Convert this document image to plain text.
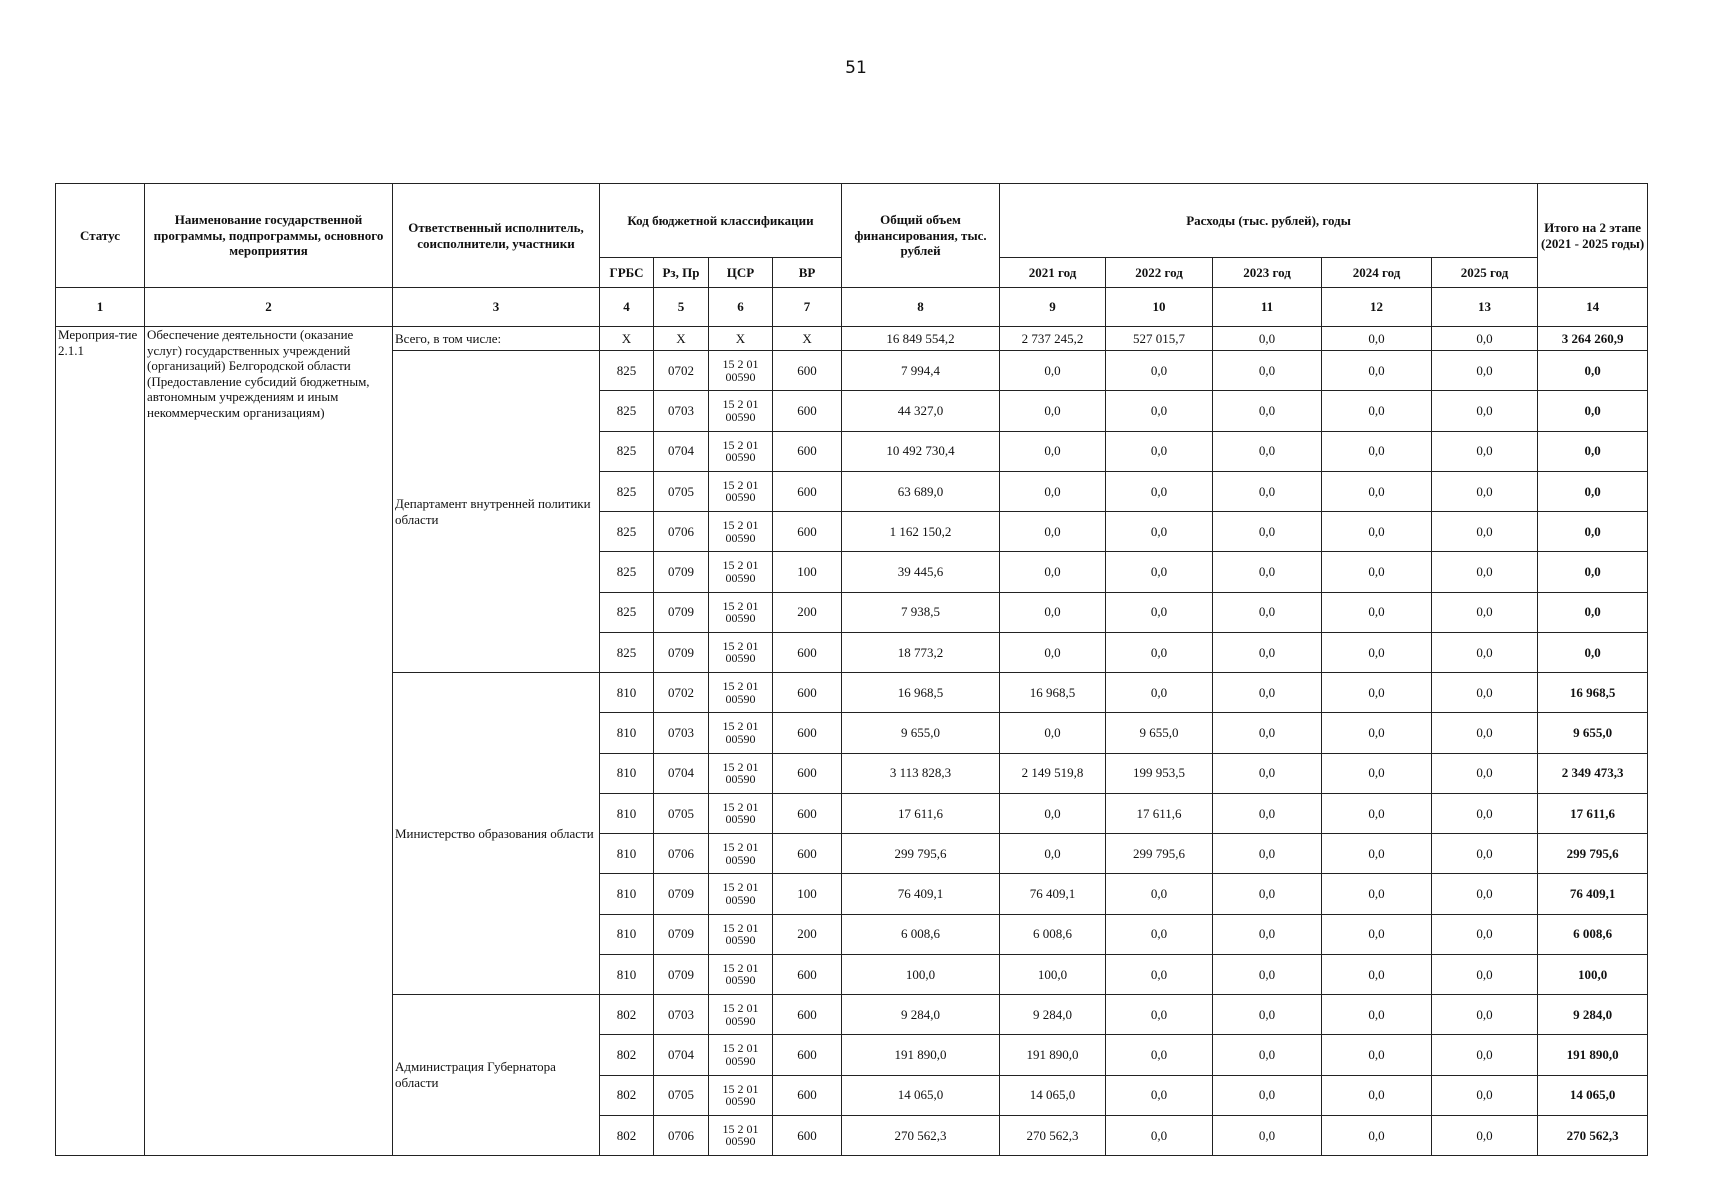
51
Статус	Наименование государственной программы, подпрограммы, основного мероприятия	Ответственный исполнитель, соисполнители, участники	Код бюджетной классификации				Общий объем финансирования, тыс. рублей	Расходы (тыс. рублей), годы					Итого на 2 этапе (2021 - 2025 годы)
			ГРБС	Рз, Пр	ЦСР	ВР		2021 год	2022 год	2023 год	2024 год	2025 год	
1	2	3	4	5	6	7	8	9	10	11	12	13	14
Мероприя-тие 2.1.1	Обеспечение деятельности (оказание услуг) государственных учреждений (организаций) Белгородской области (Предоставление субсидий бюджетным, автономным учреждениям и иным некоммерческим организациям)	Всего, в том числе:	X	X	X	X	16 849 554,2	2 737 245,2	527 015,7	0,0	0,0	0,0	3 264 260,9
		Департамент внутренней политики области	825	0702	15 2 01 00590	600	7 994,4	0,0	0,0	0,0	0,0	0,0	0,0
			825	0703	15 2 01 00590	600	44 327,0	0,0	0,0	0,0	0,0	0,0	0,0
			825	0704	15 2 01 00590	600	10 492 730,4	0,0	0,0	0,0	0,0	0,0	0,0
			825	0705	15 2 01 00590	600	63 689,0	0,0	0,0	0,0	0,0	0,0	0,0
			825	0706	15 2 01 00590	600	1 162 150,2	0,0	0,0	0,0	0,0	0,0	0,0
			825	0709	15 2 01 00590	100	39 445,6	0,0	0,0	0,0	0,0	0,0	0,0
			825	0709	15 2 01 00590	200	7 938,5	0,0	0,0	0,0	0,0	0,0	0,0
			825	0709	15 2 01 00590	600	18 773,2	0,0	0,0	0,0	0,0	0,0	0,0
		Министерство образования области	810	0702	15 2 01 00590	600	16 968,5	16 968,5	0,0	0,0	0,0	0,0	16 968,5
			810	0703	15 2 01 00590	600	9 655,0	0,0	9 655,0	0,0	0,0	0,0	9 655,0
			810	0704	15 2 01 00590	600	3 113 828,3	2 149 519,8	199 953,5	0,0	0,0	0,0	2 349 473,3
			810	0705	15 2 01 00590	600	17 611,6	0,0	17 611,6	0,0	0,0	0,0	17 611,6
			810	0706	15 2 01 00590	600	299 795,6	0,0	299 795,6	0,0	0,0	0,0	299 795,6
			810	0709	15 2 01 00590	100	76 409,1	76 409,1	0,0	0,0	0,0	0,0	76 409,1
			810	0709	15 2 01 00590	200	6 008,6	6 008,6	0,0	0,0	0,0	0,0	6 008,6
			810	0709	15 2 01 00590	600	100,0	100,0	0,0	0,0	0,0	0,0	100,0
		Администрация Губернатора области	802	0703	15 2 01 00590	600	9 284,0	9 284,0	0,0	0,0	0,0	0,0	9 284,0
			802	0704	15 2 01 00590	600	191 890,0	191 890,0	0,0	0,0	0,0	0,0	191 890,0
			802	0705	15 2 01 00590	600	14 065,0	14 065,0	0,0	0,0	0,0	0,0	14 065,0
			802	0706	15 2 01 00590	600	270 562,3	270 562,3	0,0	0,0	0,0	0,0	270 562,3
